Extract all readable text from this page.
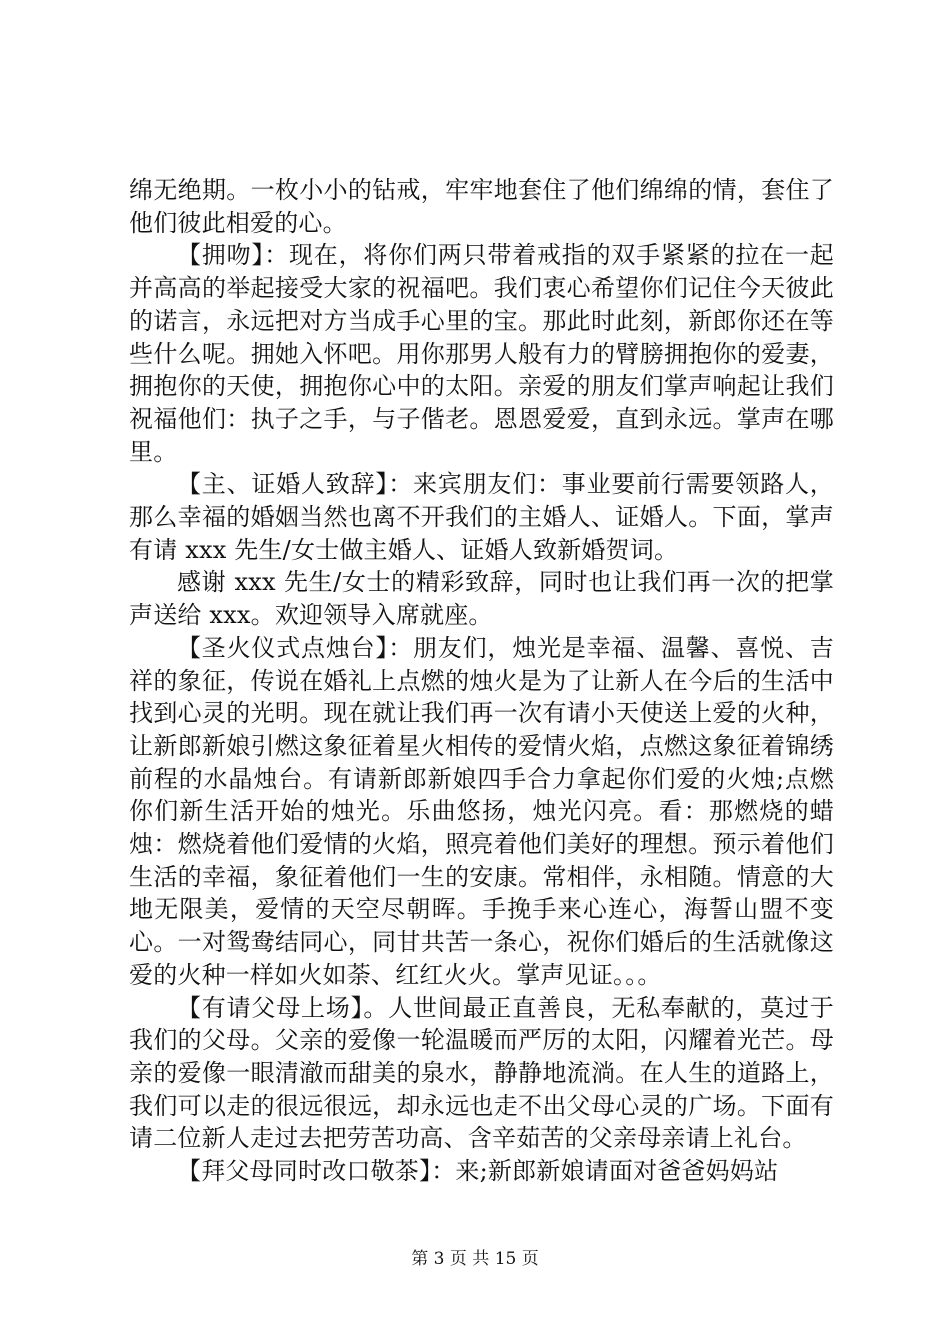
绵无绝期。一枚小小的钻戒，牢牢地套住了他们绵绵的情，套住了他们彼此相爱的心。

【拥吻】：现在，将你们两只带着戒指的双手紧紧的拉在一起并高高的举起接受大家的祝福吧。我们衷心希望你们记住今天彼此的诺言，永远把对方当成手心里的宝。那此时此刻，新郎你还在等些什么呢。拥她入怀吧。用你那男人般有力的臂膀拥抱你的爱妻，拥抱你的天使，拥抱你心中的太阳。亲爱的朋友们掌声响起让我们祝福他们：执子之手，与子偕老。恩恩爱爱，直到永远。掌声在哪里。

【主、证婚人致辞】：来宾朋友们：事业要前行需要领路人，那么幸福的婚姻当然也离不开我们的主婚人、证婚人。下面，掌声有请 xxx 先生/女士做主婚人、证婚人致新婚贺词。

感谢 xxx 先生/女士的精彩致辞，同时也让我们再一次的把掌声送给 xxx。欢迎领导入席就座。

【圣火仪式点烛台】：朋友们，烛光是幸福、温馨、喜悦、吉祥的象征，传说在婚礼上点燃的烛火是为了让新人在今后的生活中找到心灵的光明。现在就让我们再一次有请小天使送上爱的火种，让新郎新娘引燃这象征着星火相传的爱情火焰，点燃这象征着锦绣前程的水晶烛台。有请新郎新娘四手合力拿起你们爱的火烛;点燃你们新生活开始的烛光。乐曲悠扬，烛光闪亮。看：那燃烧的蜡烛：燃烧着他们爱情的火焰，照亮着他们美好的理想。预示着他们生活的幸福，象征着他们一生的安康。常相伴，永相随。情意的大地无限美，爱情的天空尽朝晖。手挽手来心连心，海誓山盟不变心。一对鸳鸯结同心，同甘共苦一条心，祝你们婚后的生活就像这爱的火种一样如火如荼、红红火火。掌声见证。。。

【有请父母上场】。人世间最正直善良，无私奉献的，莫过于我们的父母。父亲的爱像一轮温暖而严厉的太阳，闪耀着光芒。母亲的爱像一眼清澈而甜美的泉水，静静地流淌。在人生的道路上，我们可以走的很远很远，却永远也走不出父母心灵的广场。下面有请二位新人走过去把劳苦功高、含辛茹苦的父亲母亲请上礼台。

【拜父母同时改口敬茶】：来;新郎新娘请面对爸爸妈妈站

第 3 页 共 15 页
